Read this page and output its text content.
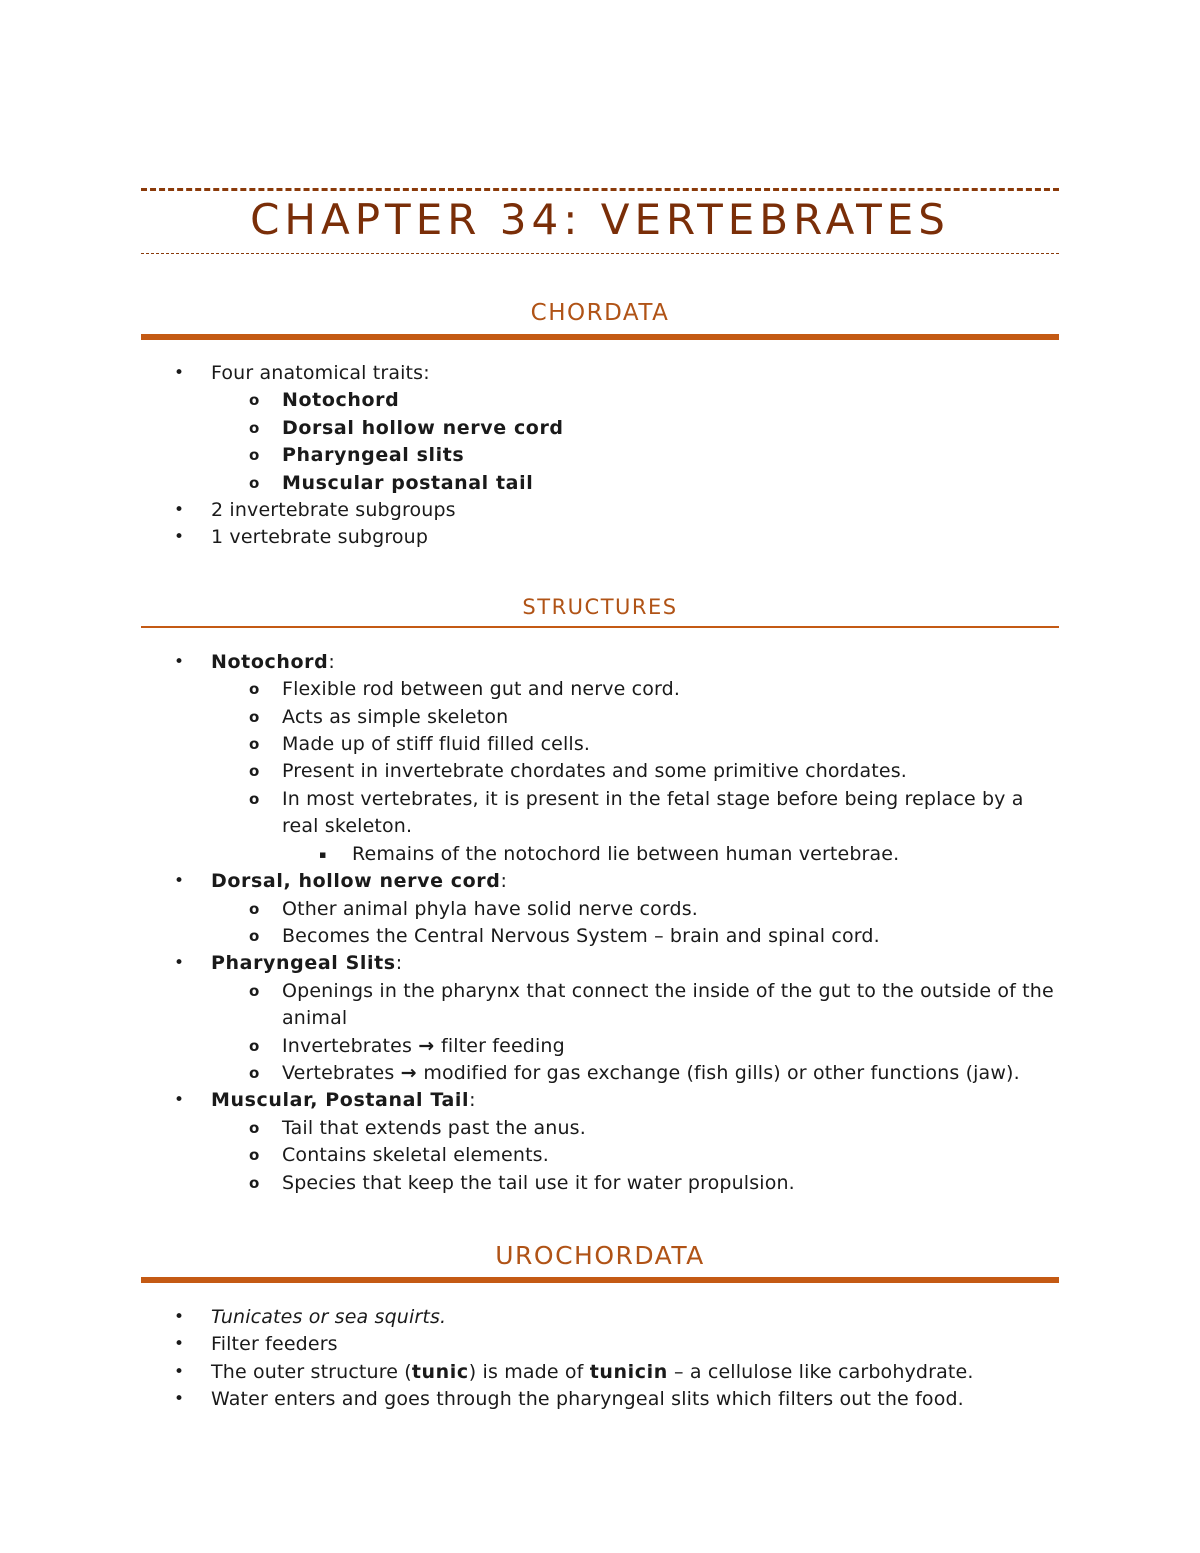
CHAPTER 34: VERTEBRATES
CHORDATA
• Four anatomical traits:
o Notochord
o Dorsal hollow nerve cord
o Pharyngeal slits
o Muscular postanal tail
• 2 invertebrate subgroups
• 1 vertebrate subgroup
STRUCTURES
• Notochord:
o Flexible rod between gut and nerve cord.
o Acts as simple skeleton
o Made up of stiff fluid filled cells.
o Present in invertebrate chordates and some primitive chordates.
o In most vertebrates, it is present in the fetal stage before being replace by a real skeleton.
▪ Remains of the notochord lie between human vertebrae.
• Dorsal, hollow nerve cord:
o Other animal phyla have solid nerve cords.
o Becomes the Central Nervous System – brain and spinal cord.
• Pharyngeal Slits:
o Openings in the pharynx that connect the inside of the gut to the outside of the animal
o Invertebrates → filter feeding
o Vertebrates → modified for gas exchange (fish gills) or other functions (jaw).
• Muscular, Postanal Tail:
o Tail that extends past the anus.
o Contains skeletal elements.
o Species that keep the tail use it for water propulsion.
UROCHORDATA
• Tunicates or sea squirts.
• Filter feeders
• The outer structure (tunic) is made of tunicin – a cellulose like carbohydrate.
• Water enters and goes through the pharyngeal slits which filters out the food.
